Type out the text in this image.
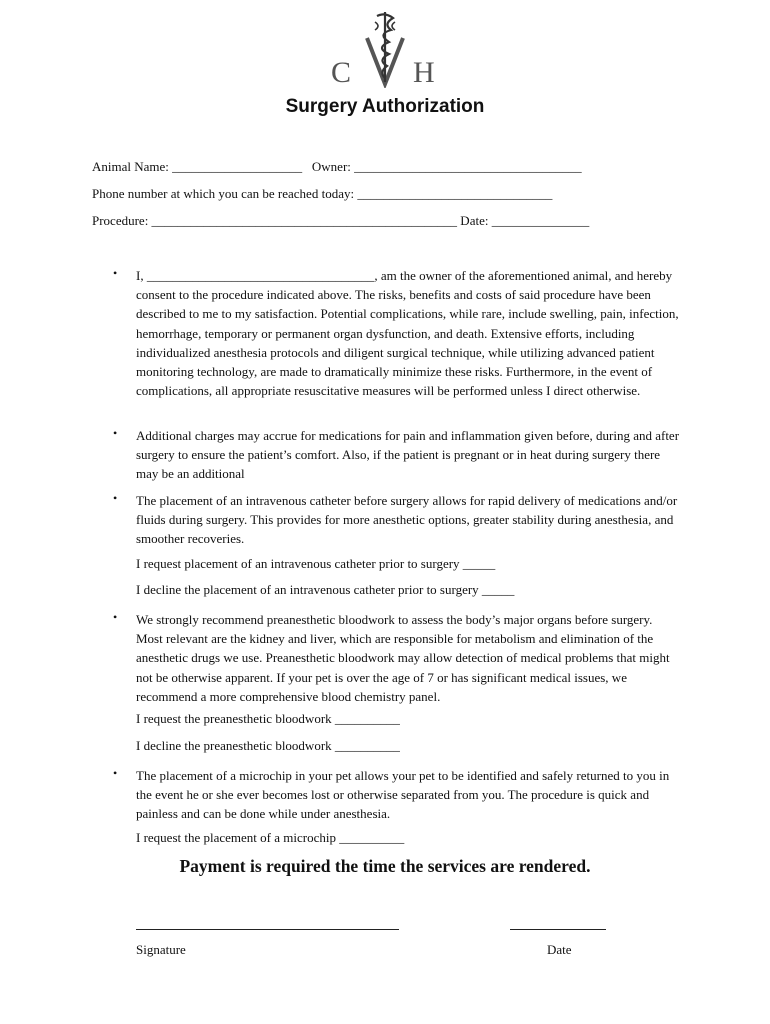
C H
Surgery Authorization
Animal Name: ____________________   Owner: ___________________________________
Phone number at which you can be reached today: ______________________________
Procedure: _______________________________________________ Date: _______________
• I, ___________________________________, am the owner of the aforementioned animal, and hereby consent to the procedure indicated above. The risks, benefits and costs of said procedure have been described to me to my satisfaction. Potential complications, while rare, include swelling, pain, infection, hemorrhage, temporary or permanent organ dysfunction, and death. Extensive efforts, including individualized anesthesia protocols and diligent surgical technique, while utilizing advanced patient monitoring technology, are made to dramatically minimize these risks. Furthermore, in the event of complications, all appropriate resuscitative measures will be performed unless I direct otherwise.
• Additional charges may accrue for medications for pain and inflammation given before, during and after surgery to ensure the patient’s comfort. Also, if the patient is pregnant or in heat during surgery there may be an additional
• The placement of an intravenous catheter before surgery allows for rapid delivery of medications and/or fluids during surgery. This provides for more anesthetic options, greater stability during anesthesia, and smoother recoveries.
I request placement of an intravenous catheter prior to surgery _____
I decline the placement of an intravenous catheter prior to surgery _____
• We strongly recommend preanesthetic bloodwork to assess the body’s major organs before surgery. Most relevant are the kidney and liver, which are responsible for metabolism and elimination of the anesthetic drugs we use. Preanesthetic bloodwork may allow detection of medical problems that might not be otherwise apparent. If your pet is over the age of 7 or has significant medical issues, we recommend a more comprehensive blood chemistry panel.
I request the preanesthetic bloodwork __________
I decline the preanesthetic bloodwork __________
• The placement of a microchip in your pet allows your pet to be identified and safely returned to you in the event he or she ever becomes lost or otherwise separated from you. The procedure is quick and painless and can be done while under anesthesia.
I request the placement of a microchip __________
Payment is required the time the services are rendered.
Signature	Date
